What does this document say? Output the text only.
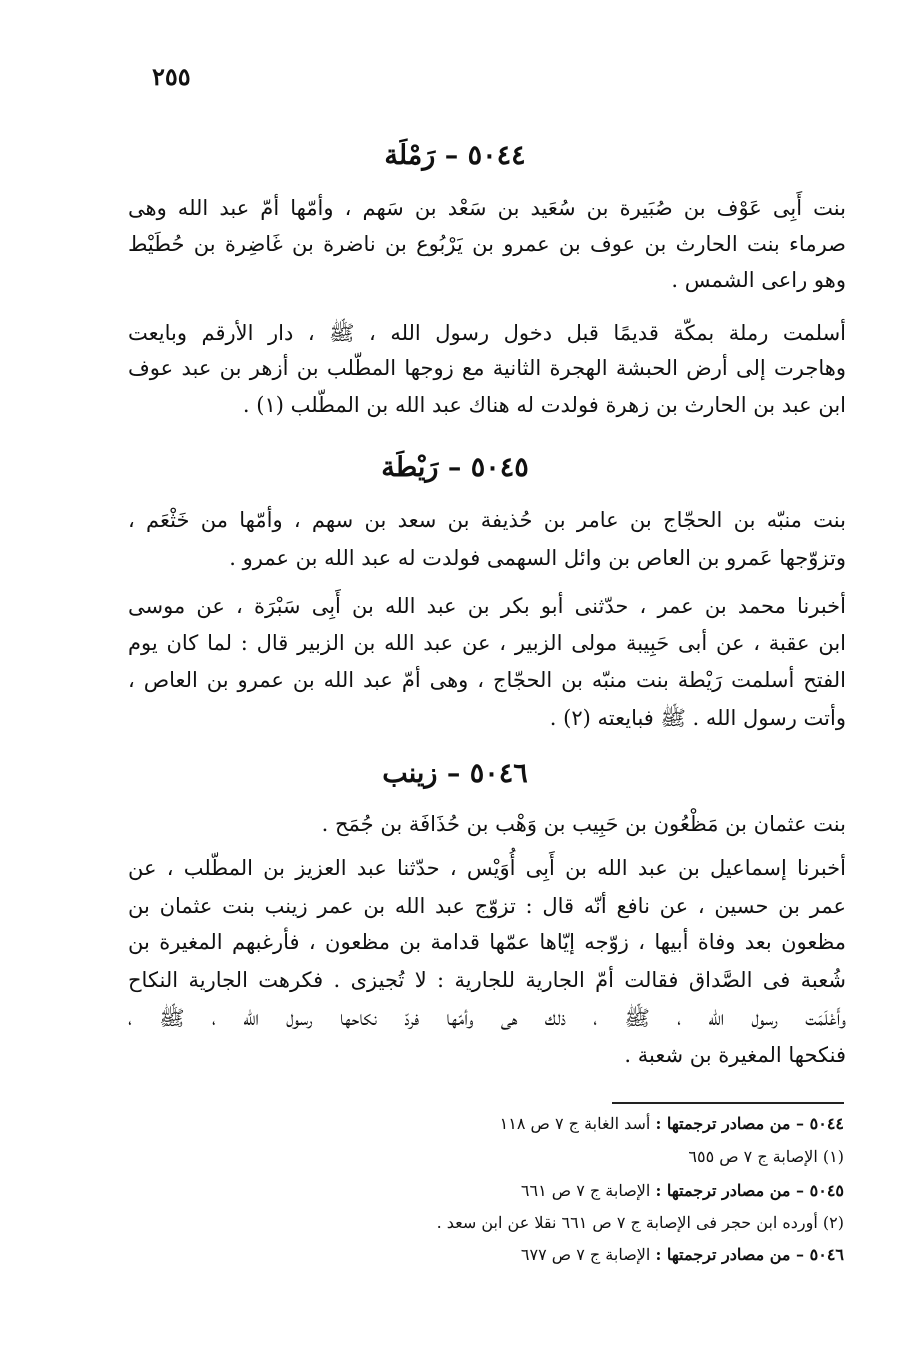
٢٥٥
٥٠٤٤ – رَمْلَة
بنت أَبِى عَوْف بن صُبَيرة بن سُعَيد بن سَعْد بن سَهم ، وأمّها أمّ عبد الله وهى
صرماء بنت الحارث بن عوف بن عمرو بن يَرْبُوع بن ناضرة بن غَاضِرة بن حُطَيْط
وهو راعى الشمس .
أسلمت رملة بمكّة قديمًا قبل دخول رسول الله ، ﷺ ، دار الأرقم وبايعت
وهاجرت إلى أرض الحبشة الهجرة الثانية مع زوجها المطّلب بن أزهر بن عبد عوف
ابن عبد بن الحارث بن زهرة فولدت له هناك عبد الله بن المطّلب (١) .
٥٠٤٥ – رَيْطَة
بنت منبّه بن الحجّاج بن عامر بن حُذيفة بن سعد بن سهم ، وأمّها من خَثْعَم ،
وتزوّجها عَمرو بن العاص بن وائل السهمى فولدت له عبد الله بن عمرو .
أخبرنا محمد بن عمر ، حدّثنى أبو بكر بن عبد الله بن أَبِى سَبْرَة ، عن موسى
ابن عقبة ، عن أبى حَبِيبة مولى الزبير ، عن عبد الله بن الزبير قال : لما كان يوم
الفتح أسلمت رَيْطة بنت منبّه بن الحجّاج ، وهى أمّ عبد الله بن عمرو بن العاص ،
وأتت رسول الله . ﷺ فبايعته (٢) .
٥٠٤٦ – زينب
بنت عثمان بن مَظْعُون بن حَبِيب بن وَهْب بن حُذَافَة بن جُمَح .
أخبرنا إسماعيل بن عبد الله بن أَبِى أُوَيْس ، حدّثنا عبد العزيز بن المطّلب ، عن
عمر بن حسين ، عن نافع أنّه قال : تزوّج عبد الله بن عمر زينب بنت عثمان بن
مظعون بعد وفاة أبيها ، زوّجه إيّاها عمّها قدامة بن مظعون ، فأرغبهم المغيرة بن
شُعبة فى الصَّداق فقالت أمّ الجارية للجارية : لا تُجيزى . فكرهت الجارية النكاح
وأَعْلَمَت رسول الله ، ﷺ ، ذلك هى وأمّها فردّ نكاحها رسول الله ، ﷺ ،
فنكحها المغيرة بن شعبة .
٥٠٤٤ – من مصادر ترجمتها : أسد الغابة ج ٧ ص ١١٨
(١) الإصابة ج ٧ ص ٦٥٥
٥٠٤٥ – من مصادر ترجمتها : الإصابة ج ٧ ص ٦٦١
(٢) أورده ابن حجر فى الإصابة ج ٧ ص ٦٦١ نقلا عن ابن سعد .
٥٠٤٦ – من مصادر ترجمتها : الإصابة ج ٧ ص ٦٧٧
